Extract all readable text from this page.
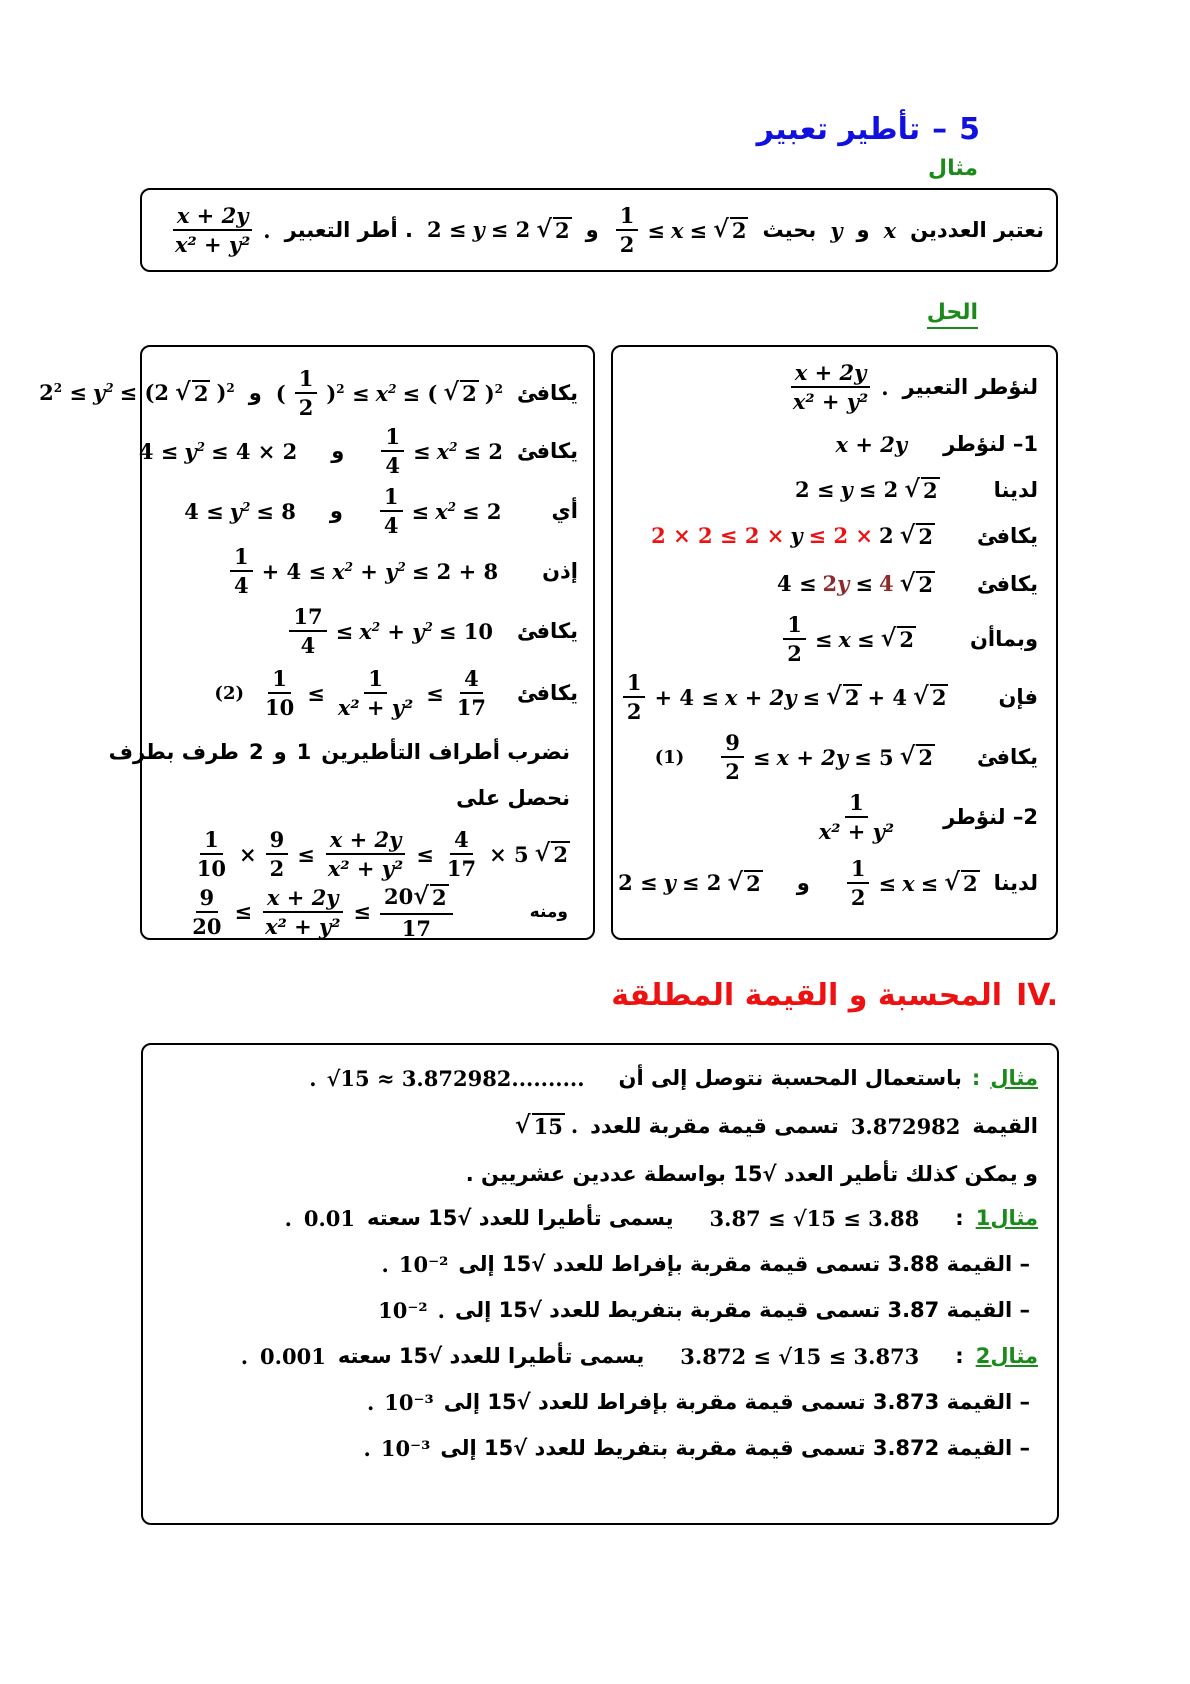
5
–
تأطير تعبير
مثال
نعتبر العددين
x
و
y
بحيث
$\frac{1}{2} \le x$ ≤ √ 2
و
2 ≤ y ≤ 2 √ 2
. أطر التعبير
$\frac{x + 2y}{\text{x² + y²}}$ .
الحل
لنؤطر التعبير
$\frac{x + 2y}{\text{x² + y²}}$ .
1– لنؤطر
x + 2y
لدينا
2 ≤ y ≤ 2 √ 2
يكافئ
2 × 2 ≤ 2 × y ≤ 2 × 2 √ 2
يكافئ
4 ≤ 2y ≤ 4 √ 2
وبماأن
$\frac{1}{2} \le x$ ≤ √ 2
فإن
$\frac{1}{2} + 4 \le x + 2y$ ≤ √ 2 + 4 √ 2
يكافئ
$\frac{9}{2} \le x + 2y \le 5$ √ 2
(1)
2– لنؤطر
$\frac{1}{\text{x² + y²}}$
لدينا
$\frac{1}{2} \le x$ ≤ √ 2
و
2 ≤ y ≤ 2 √ 2
يكافئ
( $\frac{1}{2} )^2 \le x^2$ ≤ ( √ 2 )$^2$
و
$2^2 \le y^2 \le (2$ √ 2 )$^2$
يكافئ
$\frac{1}{4} \le x^2 \le 2$
و
$4 \le y^2 \le 4 \times 2$
أي
$\frac{1}{4} \le x^2 \le 2$
و
$4 \le y^2 \le 8$
إذن
$\frac{1}{4} + 4 \le x^2 + y^2 \le 2 + 8$
يكافئ
$\frac{17}{4} \le x^2 + y^2 \le 10$
يكافئ
$\frac{1}{10} \le \frac{1}{\text{x² + y²}} \le \frac{4}{17}$
(2)
نضرب أطراف التأطيرين
1
و
2
طرف بطرف
نحصل على
$\frac{1}{10} \times \frac{9}{2} \le \frac{x + 2y}{\text{x² + y²}} \le \frac{4}{17} \times 5$ √ 2
ومنه
$\frac{9}{20} \le \frac{x + 2y}{\text{x² + y²}} \le \frac{20 √ 2}{17}$
IV.
المحسبة و القيمة المطلقة
مثال
:
باستعمال المحسبة نتوصل إلى أن
√15 ≈ 3.872982..........
.
القيمة
3.872982
تسمى قيمة مقربة للعدد
√ 15 .
و يمكن كذلك تأطير العدد √15 بواسطة عددين عشريين .
مثال1
:
3.87 ≤ √15 ≤ 3.88
يسمى تأطيرا للعدد √15 سعته
0.01
.
– القيمة 3.88 تسمى قيمة مقربة بإفراط للعدد √15 إلى
10⁻²
.
– القيمة 3.87 تسمى قيمة مقربة بتفريط للعدد √15 إلى
.
10⁻²
مثال2
:
3.872 ≤ √15 ≤ 3.873
يسمى تأطيرا للعدد √15 سعته
0.001
.
– القيمة 3.873 تسمى قيمة مقربة بإفراط للعدد √15 إلى
10⁻³
.
– القيمة 3.872 تسمى قيمة مقربة بتفريط للعدد √15 إلى
10⁻³
.
